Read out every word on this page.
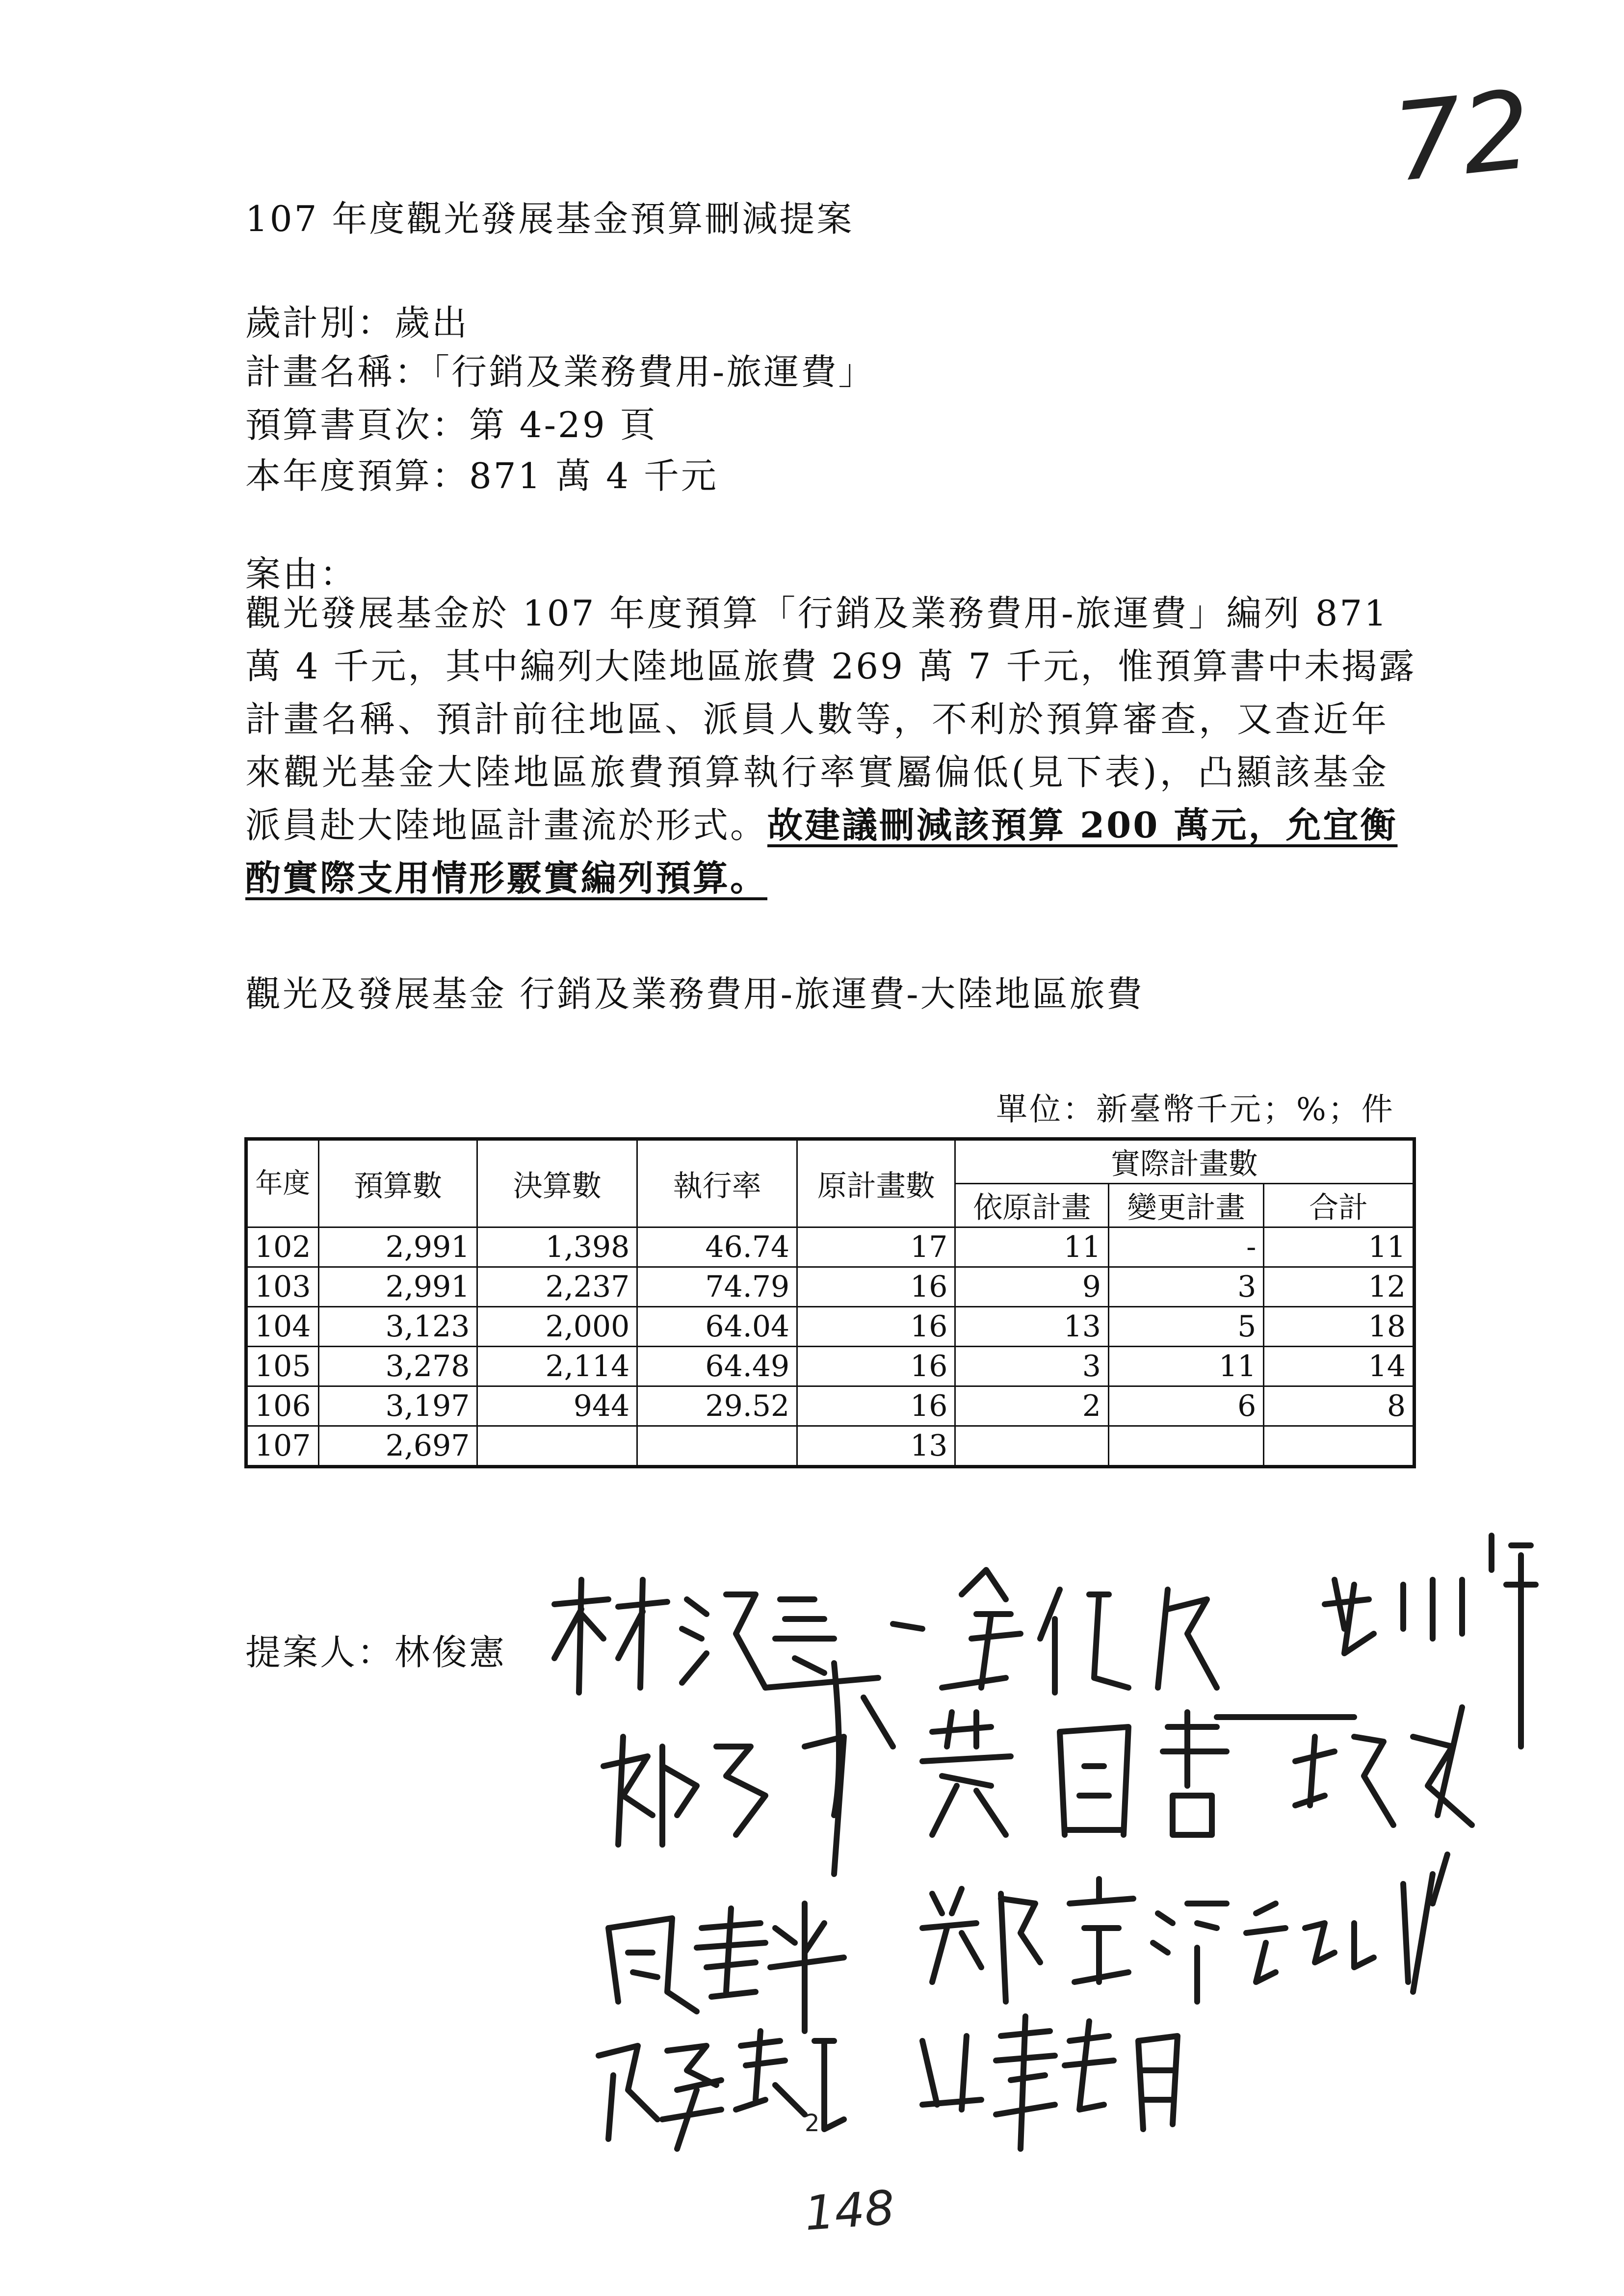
72
107 年度觀光發展基金預算刪減提案
歲計別：歲出
計畫名稱：「行銷及業務費用-旅運費」
預算書頁次：第 4-29 頁
本年度預算：871 萬 4 千元
案由：
觀光發展基金於 107 年度預算「行銷及業務費用-旅運費」編列 871
萬 4 千元，其中編列大陸地區旅費 269 萬 7 千元，惟預算書中未揭露
計畫名稱、預計前往地區、派員人數等，不利於預算審查，又查近年
來觀光基金大陸地區旅費預算執行率實屬偏低(見下表)，凸顯該基金
派員赴大陸地區計畫流於形式。故建議刪減該預算 200 萬元，允宜衡
酌實際支用情形覈實編列預算。
觀光及發展基金 行銷及業務費用-旅運費-大陸地區旅費
單位：新臺幣千元；%；件
年度	預算數	決算數	執行率	原計畫數	實際計畫數		
					依原計畫	變更計畫	合計
102	2,991	1,398	46.74	17	11	-	11
103	2,991	2,237	74.79	16	9	3	12
104	3,123	2,000	64.04	16	13	5	18
105	3,278	2,114	64.49	16	3	11	14
106	3,197	944	29.52	16	2	6	8
107	2,697			13			
提案人：林俊憲
2
148
